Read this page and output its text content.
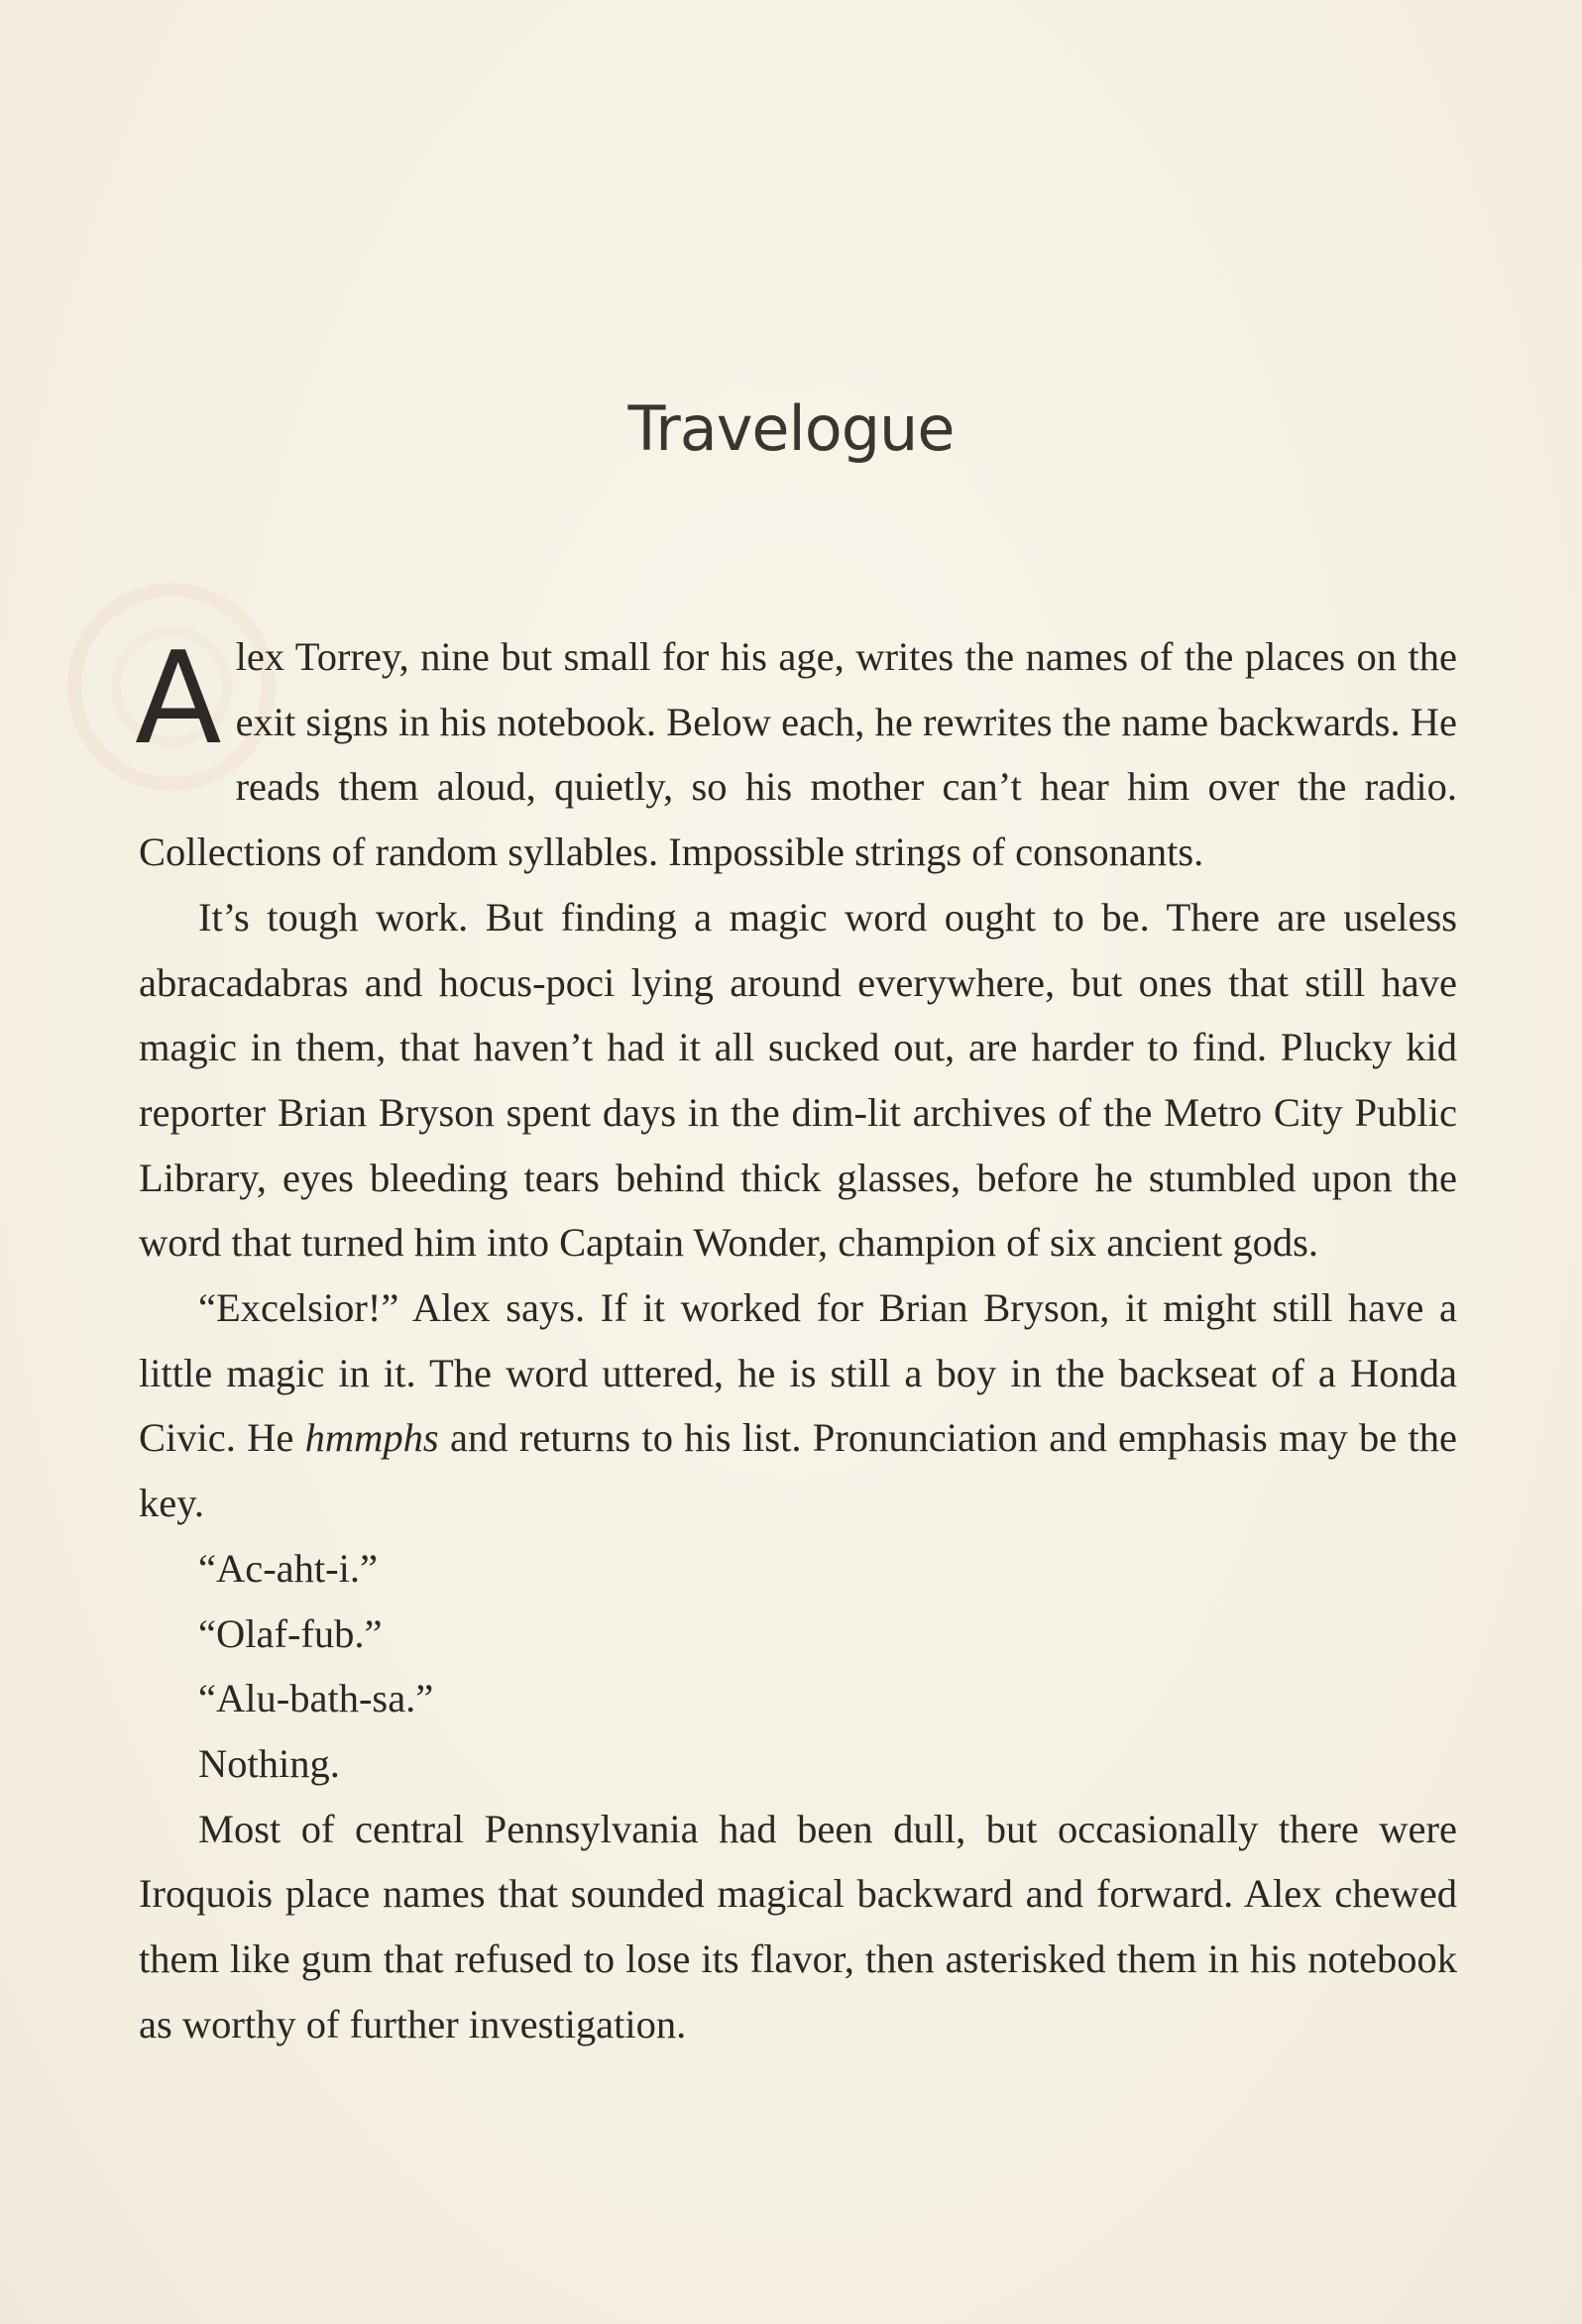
Travelogue

Alex Torrey, nine but small for his age, writes the names of the places on the exit signs in his notebook. Below each, he rewrites the name backwards. He reads them aloud, quietly, so his mother can’t hear him over the radio. Collections of random syllables. Impossible strings of consonants.

It’s tough work. But finding a magic word ought to be. There are useless abracadabras and hocus-poci lying around everywhere, but ones that still have magic in them, that haven’t had it all sucked out, are harder to find. Plucky kid reporter Brian Bryson spent days in the dim-lit archives of the Metro City Public Library, eyes bleeding tears behind thick glasses, before he stumbled upon the word that turned him into Captain Wonder, champion of six ancient gods.

“Excelsior!” Alex says. If it worked for Brian Bryson, it might still have a little magic in it. The word uttered, he is still a boy in the backseat of a Honda Civic. He hmmphs and returns to his list. Pronunciation and emphasis may be the key.

“Ac-aht-i.”

“Olaf-fub.”

“Alu-bath-sa.”

Nothing.

Most of central Pennsylvania had been dull, but occasionally there were Iroquois place names that sounded magical backward and forward. Alex chewed them like gum that refused to lose its flavor, then asterisked them in his notebook as worthy of further investigation.
